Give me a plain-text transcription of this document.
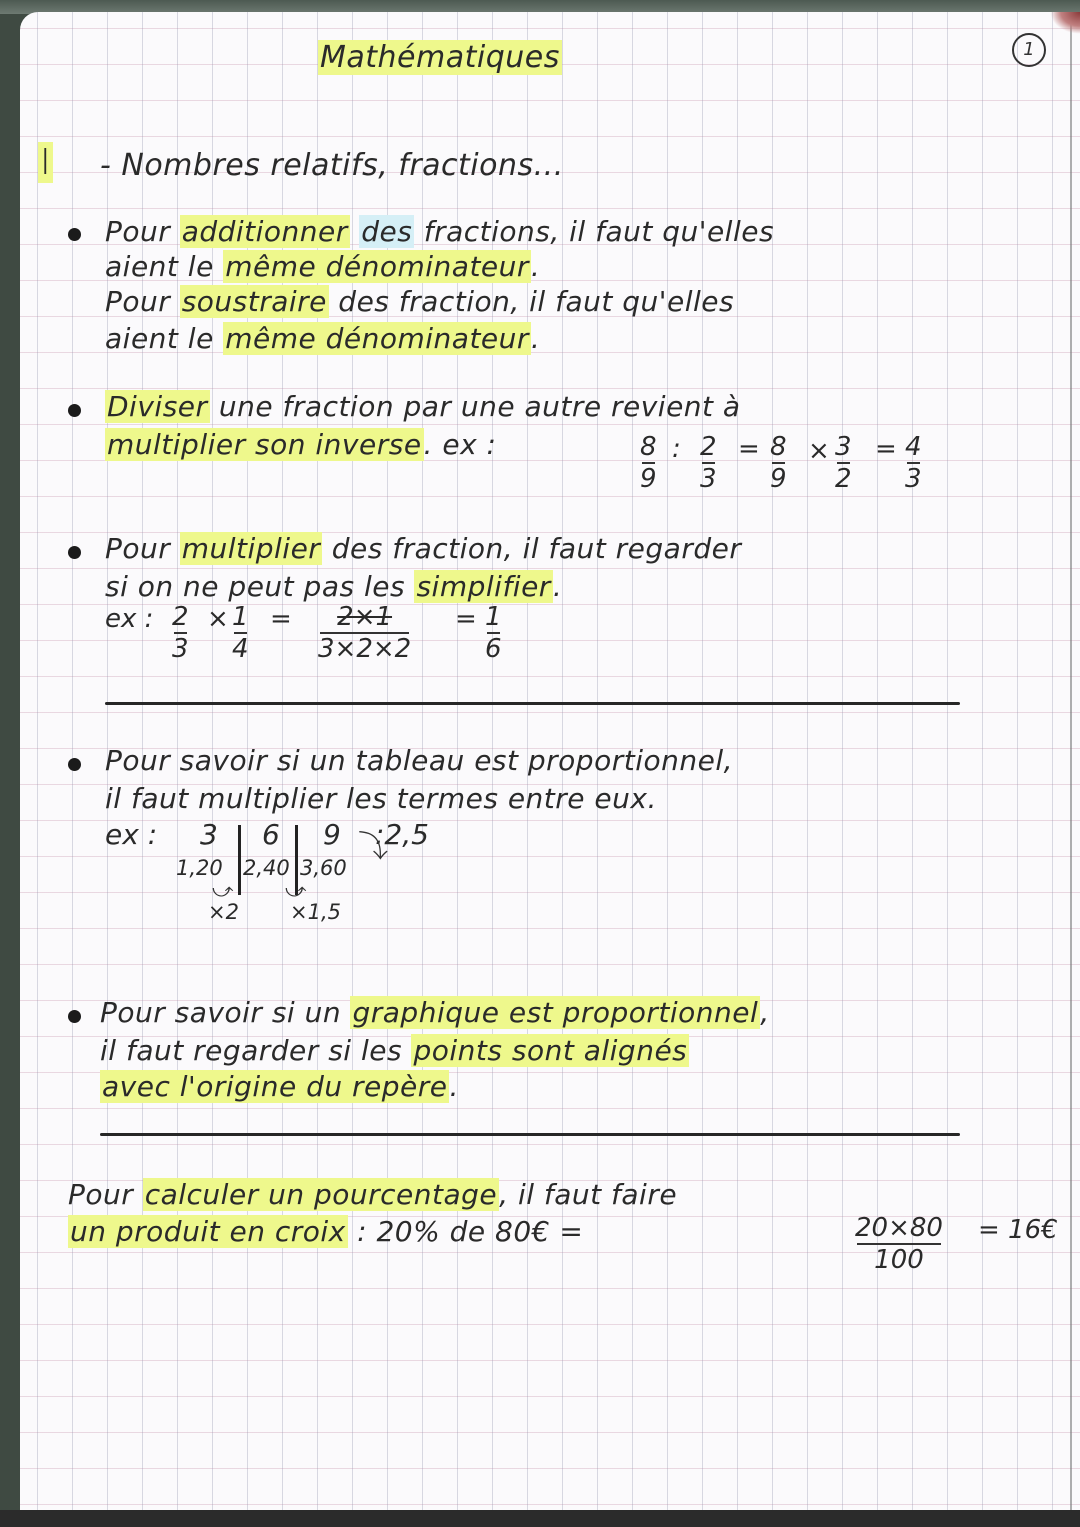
Mathématiques	1
I - Nombres relatifs, fractions...
Pour additionner des fractions, il faut qu'elles
aient le même dénominateur.
Pour soustraire des fraction, il faut qu'elles
aient le même dénominateur.
Diviser une fraction par une autre revient à
multiplier son inverse. ex :	8
9
: 2
3
= 8
9
× 3
2
= 4
3
Pour multiplier des fraction, il faut regarder
si on ne peut pas les simplifier.
ex : 2
3
× 1
4
= 2×1
3×2×2
= 1
6
Pour savoir si un tableau est proportionnel,
il faut multiplier les termes entre eux.
ex : 3 6 9 :2,5
⤵
1,20 2,40 3,60
⤻	⤻
×2 ×1,5
Pour savoir si un graphique est proportionnel,
il faut regarder si les points sont alignés
avec l'origine du repère.
Pour calculer un pourcentage, il faut faire
un produit en croix : 20% de 80€ =	20×80
100
= 16€
